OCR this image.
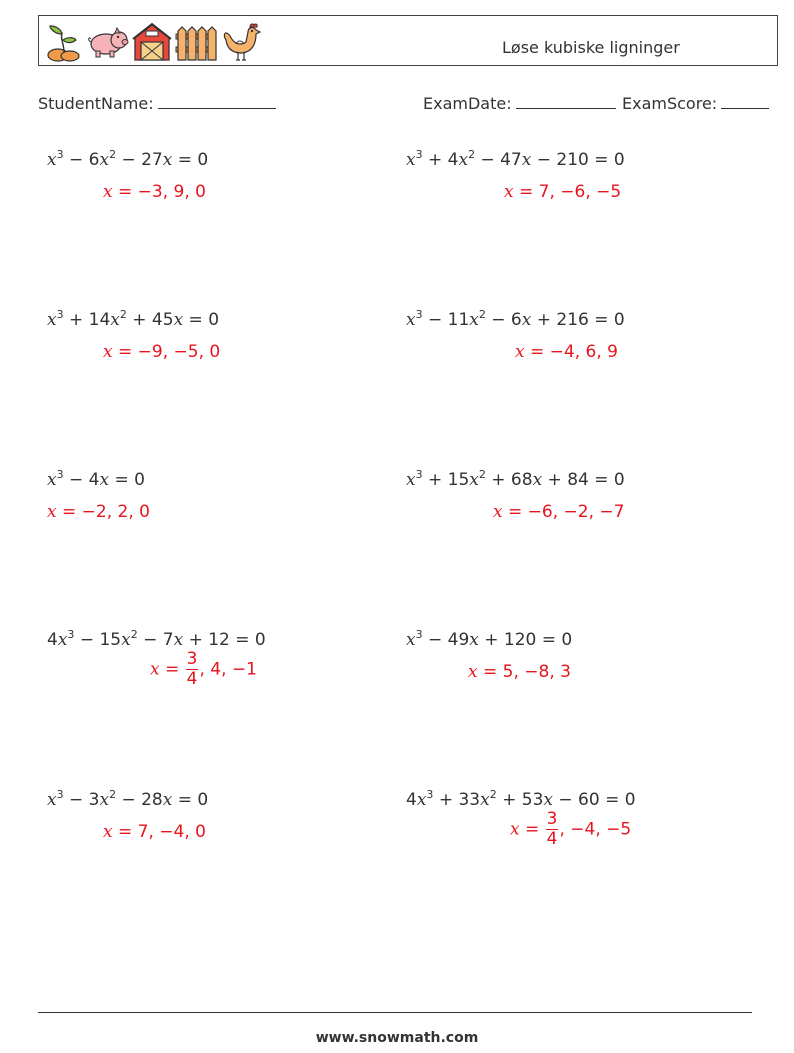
Løse kubiske ligninger
StudentName:	ExamDate:	ExamScore:
$x^3 - 6x^2 - 27x = 0$
x = −3, 9, 0
$x^3 + 4x^2 - 47x - 210 = 0$
x = 7, −6, −5
$x^3 + 14x^2 + 45x = 0$
x = −9, −5, 0
$x^3 - 11x^2 - 6x + 216 = 0$
x = −4, 6, 9
$x^3 - 4x = 0$
x = −2, 2, 0
$x^3 + 15x^2 + 68x + 84 = 0$
x = −6, −2, −7
$4x^3 - 15x^2 - 7x + 12 = 0$
$x = \frac{3}{4}$ , 4, −1
$x^3 - 49x + 120 = 0$
x = 5, −8, 3
$x^3 - 3x^2 - 28x = 0$
x = 7, −4, 0
$4x^3 + 33x^2 + 53x - 60 = 0$
$x = \frac{3}{4}$ , −4, −5
www.snowmath.com
